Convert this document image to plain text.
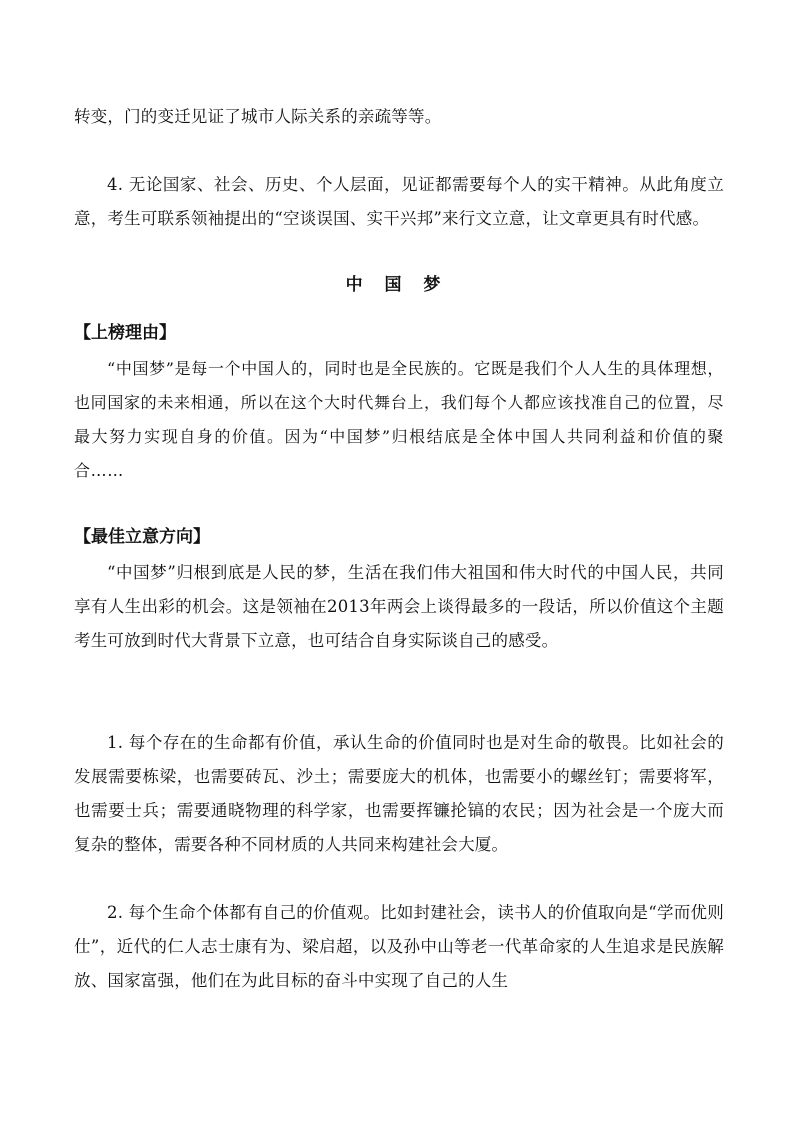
转变，门的变迁见证了城市人际关系的亲疏等等。

4. 无论国家、社会、历史、个人层面，见证都需要每个人的实干精神。从此角度立意，考生可联系领袖提出的“空谈误国、实干兴邦”来行文立意，让文章更具有时代感。

中 国 梦
【上榜理由】

“中国梦”是每一个中国人的，同时也是全民族的。它既是我们个人人生的具体理想，也同国家的未来相通，所以在这个大时代舞台上，我们每个人都应该找准自己的位置，尽最大努力实现自身的价值。因为“中国梦”归根结底是全体中国人共同利益和价值的聚合……

【最佳立意方向】

“中国梦”归根到底是人民的梦，生活在我们伟大祖国和伟大时代的中国人民，共同享有人生出彩的机会。这是领袖在2013年两会上谈得最多的一段话，所以价值这个主题考生可放到时代大背景下立意，也可结合自身实际谈自己的感受。

1. 每个存在的生命都有价值，承认生命的价值同时也是对生命的敬畏。比如社会的发展需要栋梁，也需要砖瓦、沙土；需要庞大的机体，也需要小的螺丝钉；需要将军，也需要士兵；需要通晓物理的科学家，也需要挥镰抡镐的农民；因为社会是一个庞大而复杂的整体，需要各种不同材质的人共同来构建社会大厦。

2. 每个生命个体都有自己的价值观。比如封建社会，读书人的价值取向是“学而优则仕”，近代的仁人志士康有为、梁启超，以及孙中山等老一代革命家的人生追求是民族解放、国家富强，他们在为此目标的奋斗中实现了自己的人生
